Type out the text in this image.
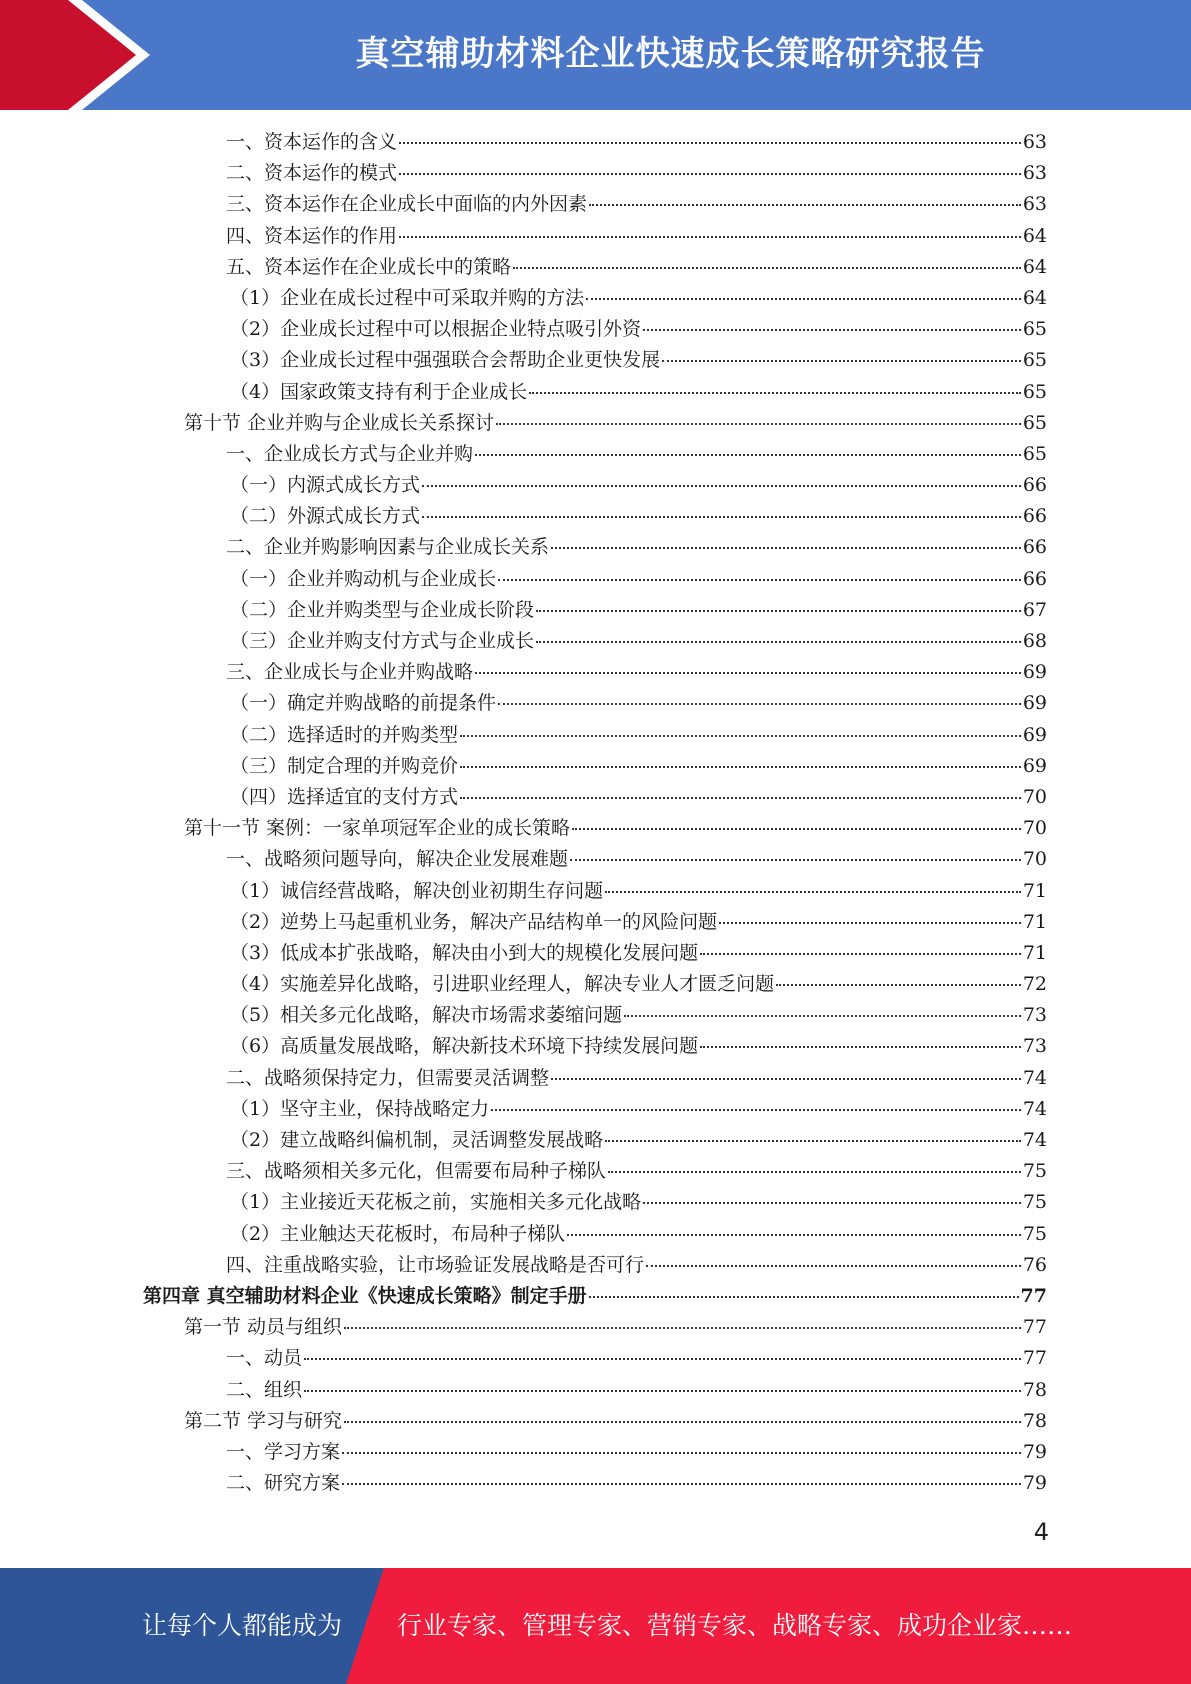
真空辅助材料企业快速成长策略研究报告
一、资本运作的含义	63
二、资本运作的模式	63
三、资本运作在企业成长中面临的内外因素	63
四、资本运作的作用	64
五、资本运作在企业成长中的策略	64
（1）企业在成长过程中可采取并购的方法	64
（2）企业成长过程中可以根据企业特点吸引外资	65
（3）企业成长过程中强强联合会帮助企业更快发展	65
（4）国家政策支持有利于企业成长	65
第十节 企业并购与企业成长关系探讨	65
一、企业成长方式与企业并购	65
（一）内源式成长方式	66
（二）外源式成长方式	66
二、企业并购影响因素与企业成长关系	66
（一）企业并购动机与企业成长	66
（二）企业并购类型与企业成长阶段	67
（三）企业并购支付方式与企业成长	68
三、企业成长与企业并购战略	69
（一）确定并购战略的前提条件	69
（二）选择适时的并购类型	69
（三）制定合理的并购竞价	69
（四）选择适宜的支付方式	70
第十一节 案例：一家单项冠军企业的成长策略	70
一、战略须问题导向，解决企业发展难题	70
（1）诚信经营战略，解决创业初期生存问题	71
（2）逆势上马起重机业务，解决产品结构单一的风险问题	71
（3）低成本扩张战略，解决由小到大的规模化发展问题	71
（4）实施差异化战略，引进职业经理人，解决专业人才匮乏问题	72
（5）相关多元化战略，解决市场需求萎缩问题	73
（6）高质量发展战略，解决新技术环境下持续发展问题	73
二、战略须保持定力，但需要灵活调整	74
（1）坚守主业，保持战略定力	74
（2）建立战略纠偏机制，灵活调整发展战略	74
三、战略须相关多元化，但需要布局种子梯队	75
（1）主业接近天花板之前，实施相关多元化战略	75
（2）主业触达天花板时，布局种子梯队	75
四、注重战略实验，让市场验证发展战略是否可行	76
第四章 真空辅助材料企业《快速成长策略》制定手册	77
第一节 动员与组织	77
一、动员	77
二、组织	78
第二节 学习与研究	78
一、学习方案	79
二、研究方案	79
4
让每个人都能成为 行业专家、管理专家、营销专家、战略专家、成功企业家……
